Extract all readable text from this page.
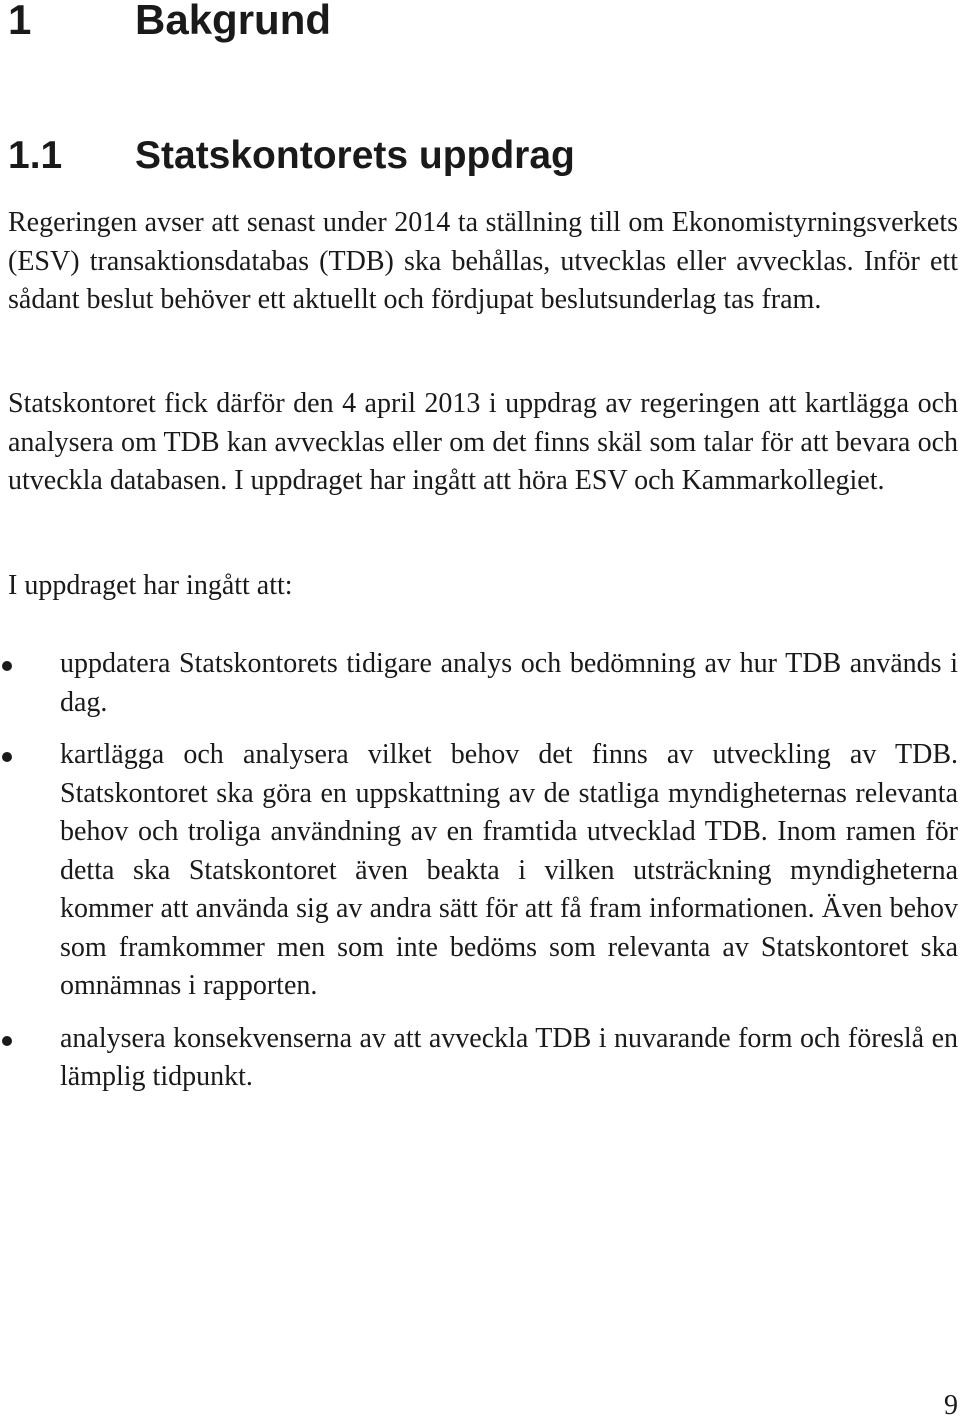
1 Bakgrund
1.1 Statskontorets uppdrag

Regeringen avser att senast under 2014 ta ställning till om Ekonomistyrningsverkets (ESV) transaktionsdatabas (TDB) ska behållas, utvecklas eller avvecklas. Inför ett sådant beslut behöver ett aktuellt och fördjupat beslutsunderlag tas fram.

Statskontoret fick därför den 4 april 2013 i uppdrag av regeringen att kartlägga och analysera om TDB kan avvecklas eller om det finns skäl som talar för att bevara och utveckla databasen. I uppdraget har ingått att höra ESV och Kammarkollegiet.

I uppdraget har ingått att:

uppdatera Statskontorets tidigare analys och bedömning av hur TDB används i dag.
kartlägga och analysera vilket behov det finns av utveckling av TDB. Statskontoret ska göra en uppskattning av de statliga myndigheternas relevanta behov och troliga användning av en framtida utvecklad TDB. Inom ramen för detta ska Statskontoret även beakta i vilken utsträckning myndigheterna kommer att använda sig av andra sätt för att få fram informationen. Även behov som framkommer men som inte bedöms som relevanta av Statskontoret ska omnämnas i rapporten.
analysera konsekvenserna av att avveckla TDB i nuvarande form och föreslå en lämplig tidpunkt.
9
